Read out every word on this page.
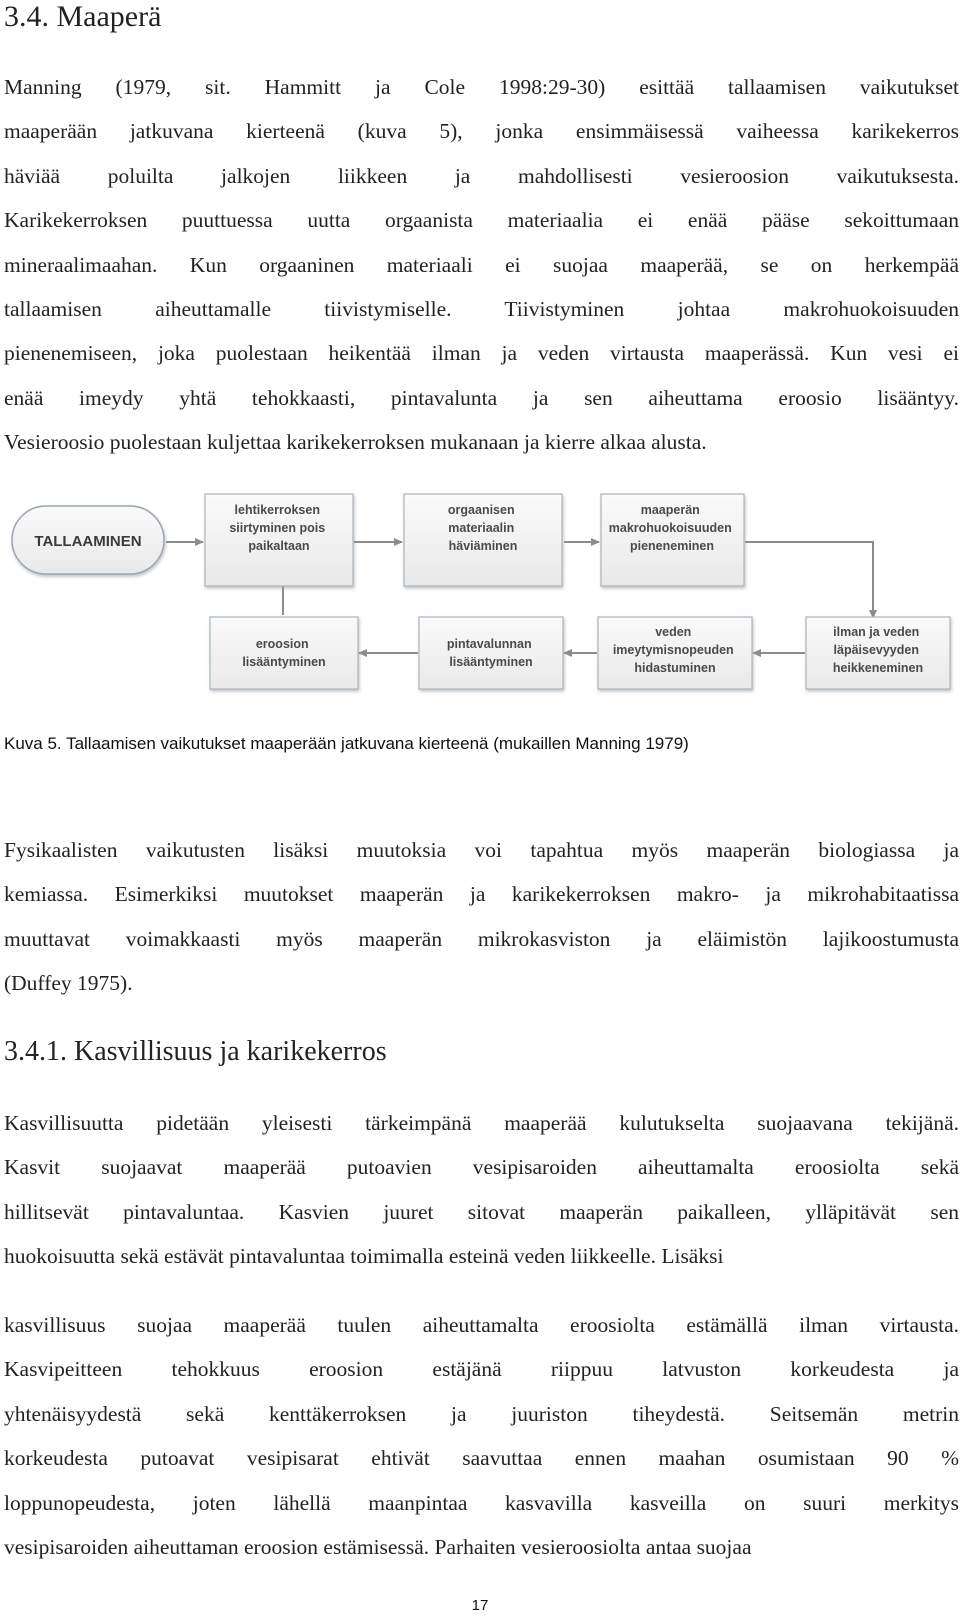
3.4. Maaperä
Manning (1979, sit. Hammitt ja Cole 1998:29-30) esittää tallaamisen vaikutukset
maaperään jatkuvana kierteenä (kuva 5), jonka ensimmäisessä vaiheessa karikekerros
häviää poluilta jalkojen liikkeen ja mahdollisesti vesieroosion vaikutuksesta.
Karikekerroksen puuttuessa uutta orgaanista materiaalia ei enää pääse sekoittumaan
mineraalimaahan. Kun orgaaninen materiaali ei suojaa maaperää, se on herkempää
tallaamisen aiheuttamalle tiivistymiselle. Tiivistyminen johtaa makrohuokoisuuden
pienenemiseen, joka puolestaan heikentää ilman ja veden virtausta maaperässä. Kun vesi ei
enää imeydy yhtä tehokkaasti, pintavalunta ja sen aiheuttama eroosio lisääntyy.
Vesieroosio puolestaan kuljettaa karikekerroksen mukanaan ja kierre alkaa alusta.
TALLAAMINEN
lehtikerroksen siirtyminen pois paikaltaan
orgaanisen materiaalin häviäminen
maaperän makrohuokoisuuden pieneneminen
eroosion lisääntyminen
pintavalunnan lisääntyminen
veden imeytymisnopeuden hidastuminen
ilman ja veden läpäisevyyden heikkeneminen

Kuva 5. Tallaamisen vaikutukset maaperään jatkuvana kierteenä (mukaillen Manning 1979)

Fysikaalisten vaikutusten lisäksi muutoksia voi tapahtua myös maaperän biologiassa ja
kemiassa. Esimerkiksi muutokset maaperän ja karikekerroksen makro- ja mikrohabitaatissa
muuttavat voimakkaasti myös maaperän mikrokasviston ja eläimistön lajikoostumusta
(Duffey 1975).
3.4.1. Kasvillisuus ja karikekerros
Kasvillisuutta pidetään yleisesti tärkeimpänä maaperää kulutukselta suojaavana tekijänä.
Kasvit suojaavat maaperää putoavien vesipisaroiden aiheuttamalta eroosiolta sekä
hillitsevät pintavaluntaa. Kasvien juuret sitovat maaperän paikalleen, ylläpitävät sen
huokoisuutta sekä estävät pintavaluntaa toimimalla esteinä veden liikkeelle. Lisäksi
kasvillisuus suojaa maaperää tuulen aiheuttamalta eroosiolta estämällä ilman virtausta.
Kasvipeitteen tehokkuus eroosion estäjänä riippuu latvuston korkeudesta ja
yhtenäisyydestä sekä kenttäkerroksen ja juuriston tiheydestä. Seitsemän metrin
korkeudesta putoavat vesipisarat ehtivät saavuttaa ennen maahan osumistaan 90 %
loppunopeudesta, joten lähellä maanpintaa kasvavilla kasveilla on suuri merkitys
vesipisaroiden aiheuttaman eroosion estämisessä. Parhaiten vesieroosiolta antaa suojaa
17
